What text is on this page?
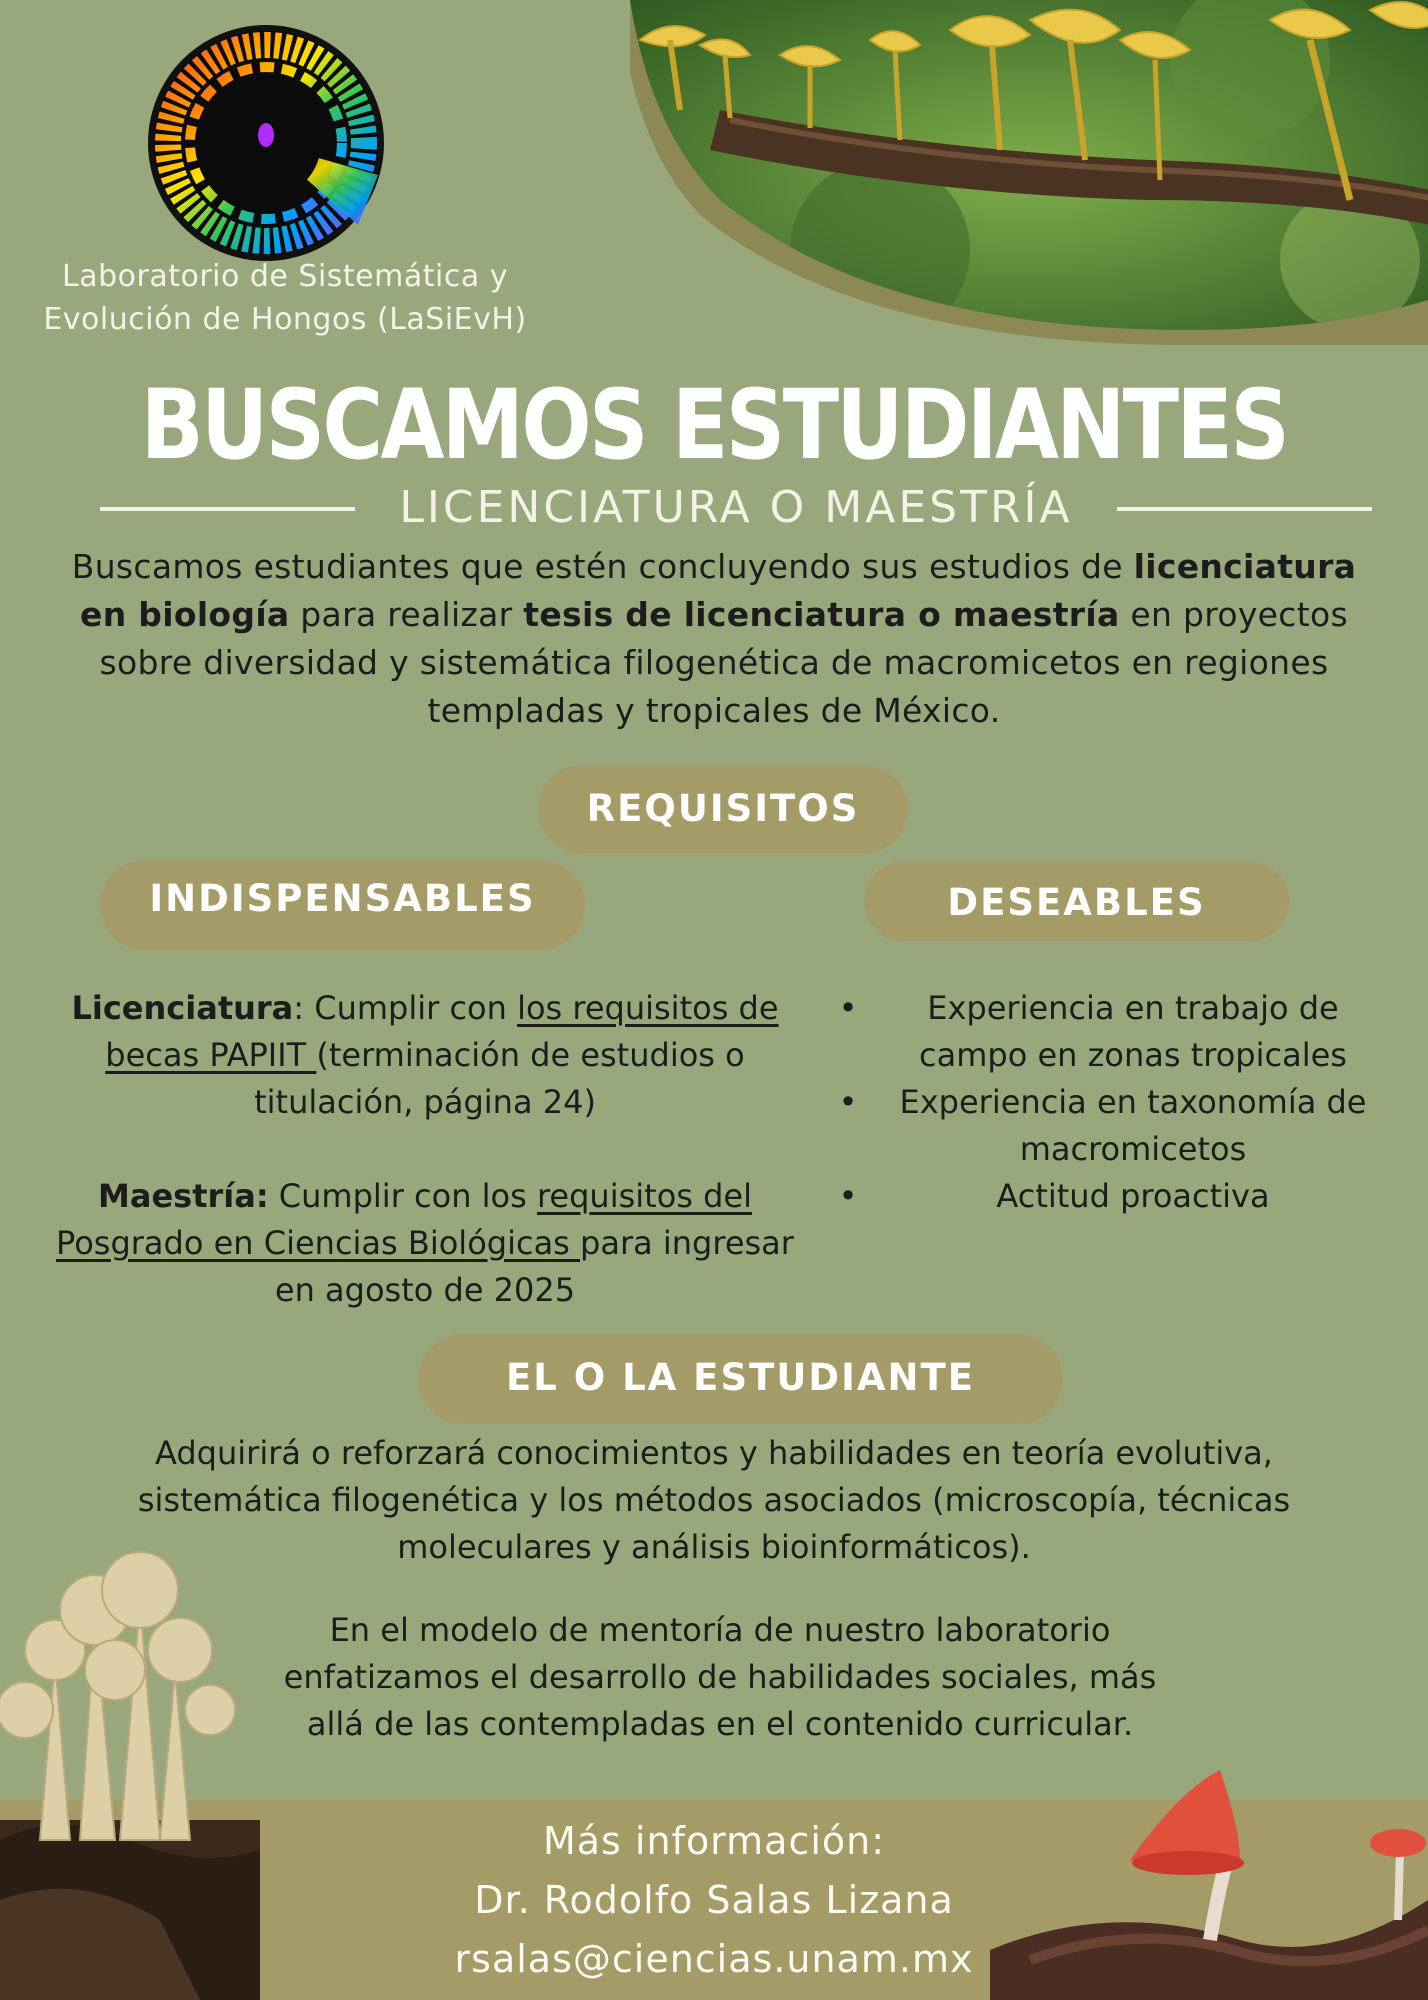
Laboratorio de Sistemática y
Evolución de Hongos (LaSiEvH)
BUSCAMOS ESTUDIANTES
LICENCIATURA O MAESTRÍA
Buscamos estudiantes que estén concluyendo sus estudios de licenciatura en biología para realizar tesis de licenciatura o maestría en proyectos sobre diversidad y sistemática filogenética de macromicetos en regiones templadas y tropicales de México.
REQUISITOS
INDISPENSABLES	DESEABLES
Licenciatura: Cumplir con los requisitos de becas PAPIIT (terminación de estudios o titulación, página 24)
Maestría: Cumplir con los requisitos del Posgrado en Ciencias Biológicas para ingresar en agosto de 2025
•	Experiencia en trabajo de campo en zonas tropicales
•	Experiencia en taxonomía de macromicetos
•	Actitud proactiva
EL O LA ESTUDIANTE
Adquirirá o reforzará conocimientos y habilidades en teoría evolutiva, sistemática filogenética y los métodos asociados (microscopía, técnicas moleculares y análisis bioinformáticos).
En el modelo de mentoría de nuestro laboratorio enfatizamos el desarrollo de habilidades sociales, más allá de las contempladas en el contenido curricular.
Más información:
Dr. Rodolfo Salas Lizana
rsalas@ciencias.unam.mx
